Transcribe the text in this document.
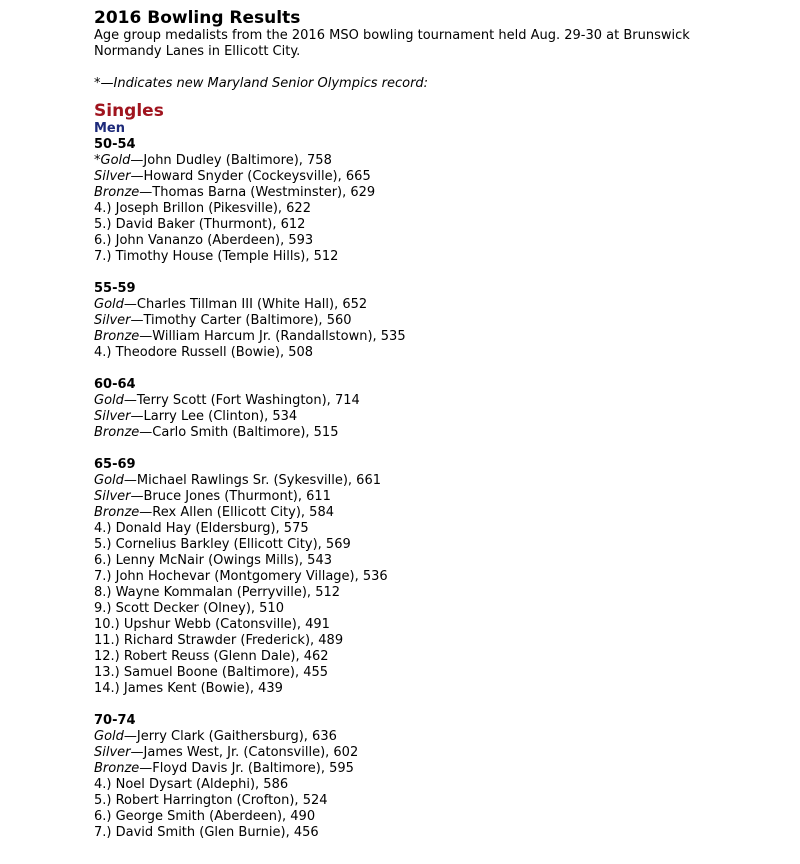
2016 Bowling Results

Age group medalists from the 2016 MSO bowling tournament held Aug. 29-30 at Brunswick Normandy Lanes in Ellicott City.

*—Indicates new Maryland Senior Olympics record:

Singles
Men
50-54
*Gold—John Dudley (Baltimore), 758
Silver—Howard Snyder (Cockeysville), 665
Bronze—Thomas Barna (Westminster), 629
4.) Joseph Brillon (Pikesville), 622
5.) David Baker (Thurmont), 612
6.) John Vananzo (Aberdeen), 593
7.) Timothy House (Temple Hills), 512
55-59
Gold—Charles Tillman III (White Hall), 652
Silver—Timothy Carter (Baltimore), 560
Bronze—William Harcum Jr. (Randallstown), 535
4.) Theodore Russell (Bowie), 508
60-64
Gold—Terry Scott (Fort Washington), 714
Silver—Larry Lee (Clinton), 534
Bronze—Carlo Smith (Baltimore), 515
65-69
Gold—Michael Rawlings Sr. (Sykesville), 661
Silver—Bruce Jones (Thurmont), 611
Bronze—Rex Allen (Ellicott City), 584
4.) Donald Hay (Eldersburg), 575
5.) Cornelius Barkley (Ellicott City), 569
6.) Lenny McNair (Owings Mills), 543
7.) John Hochevar (Montgomery Village), 536
8.) Wayne Kommalan (Perryville), 512
9.) Scott Decker (Olney), 510
10.) Upshur Webb (Catonsville), 491
11.) Richard Strawder (Frederick), 489
12.) Robert Reuss (Glenn Dale), 462
13.) Samuel Boone (Baltimore), 455
14.) James Kent (Bowie), 439
70-74
Gold—Jerry Clark (Gaithersburg), 636
Silver—James West, Jr. (Catonsville), 602
Bronze—Floyd Davis Jr. (Baltimore), 595
4.) Noel Dysart (Aldephi), 586
5.) Robert Harrington (Crofton), 524
6.) George Smith (Aberdeen), 490
7.) David Smith (Glen Burnie), 456
